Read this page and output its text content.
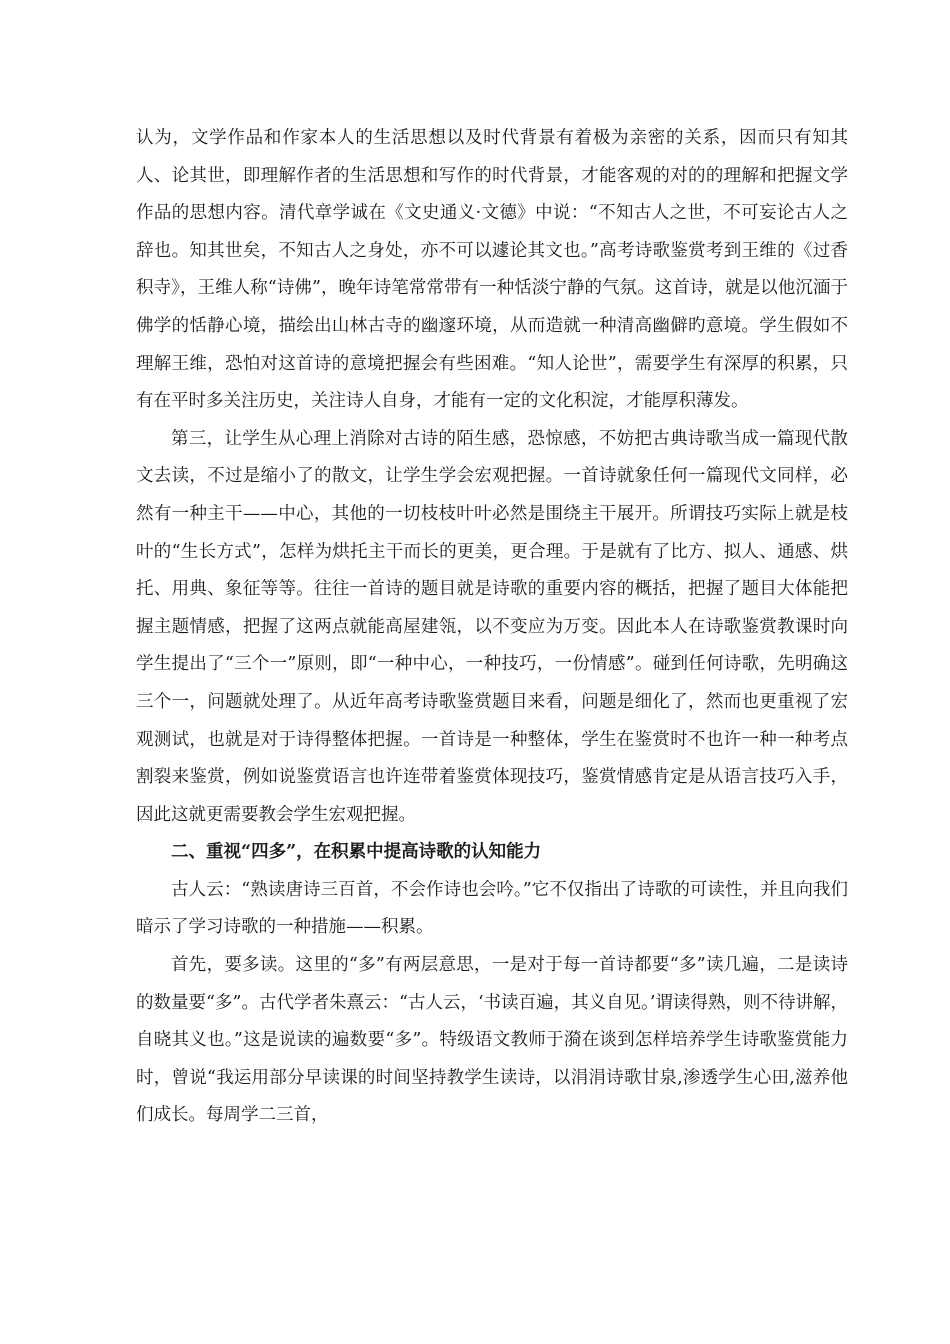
认为，文学作品和作家本人的生活思想以及时代背景有着极为亲密的关系，因而只有知其人、论其世，即理解作者的生活思想和写作的时代背景，才能客观的对的的理解和把握文学作品的思想内容。清代章学诚在《文史通义·文德》中说：“不知古人之世，不可妄论古人之辞也。知其世矣，不知古人之身处，亦不可以遽论其文也。”高考诗歌鉴赏考到王维的《过香积寺》，王维人称“诗佛”，晚年诗笔常常带有一种恬淡宁静的气氛。这首诗，就是以他沉湎于佛学的恬静心境，描绘出山林古寺的幽邃环境，从而造就一种清高幽僻旳意境。学生假如不理解王维，恐怕对这首诗的意境把握会有些困难。“知人论世”，需要学生有深厚的积累，只有在平时多关注历史，关注诗人自身，才能有一定的文化积淀，才能厚积薄发。

第三，让学生从心理上消除对古诗的陌生感，恐惊感，不妨把古典诗歌当成一篇现代散文去读，不过是缩小了的散文，让学生学会宏观把握。一首诗就象任何一篇现代文同样，必然有一种主干——中心，其他的一切枝枝叶叶必然是围绕主干展开。所谓技巧实际上就是枝叶的“生长方式”，怎样为烘托主干而长的更美，更合理。于是就有了比方、拟人、通感、烘托、用典、象征等等。往往一首诗的题目就是诗歌的重要内容的概括，把握了题目大体能把握主题情感，把握了这两点就能高屋建瓴，以不变应为万变。因此本人在诗歌鉴赏教课时向学生提出了“三个一”原则，即“一种中心，一种技巧，一份情感”。碰到任何诗歌，先明确这三个一，问题就处理了。从近年高考诗歌鉴赏题目来看，问题是细化了，然而也更重视了宏观测试，也就是对于诗得整体把握。一首诗是一种整体，学生在鉴赏时不也许一种一种考点割裂来鉴赏，例如说鉴赏语言也许连带着鉴赏体现技巧，鉴赏情感肯定是从语言技巧入手，因此这就更需要教会学生宏观把握。

二、重视“四多”，在积累中提高诗歌的认知能力

古人云：“熟读唐诗三百首，不会作诗也会吟。”它不仅指出了诗歌的可读性，并且向我们暗示了学习诗歌的一种措施——积累。

首先，要多读。这里的“多”有两层意思，一是对于每一首诗都要“多”读几遍，二是读诗的数量要“多”。古代学者朱熹云：“古人云，‘书读百遍，其义自见。’谓读得熟，则不待讲解，自晓其义也。”这是说读的遍数要“多”。特级语文教师于漪在谈到怎样培养学生诗歌鉴赏能力时，曾说“我运用部分早读课的时间坚持教学生读诗，以涓涓诗歌甘泉,渗透学生心田,滋养他们成长。每周学二三首，
